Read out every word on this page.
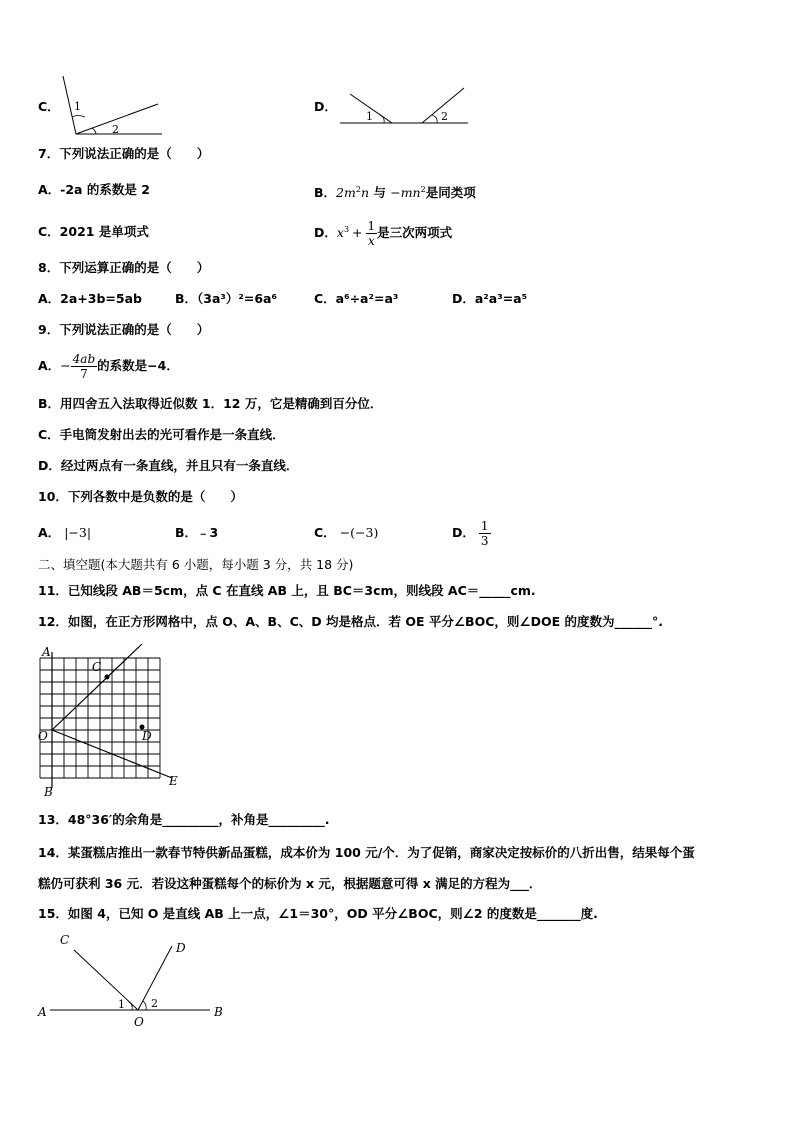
C． 1
2
D．
1	2
7．下列说法正确的是（　　）
A．-2a 的系数是 2	B．$2m^2n$ 与 $-mn^2$是同类项
C．2021 是单项式	D．$x^3 + \frac{1}{x}$ 是三次两项式
8．下列运算正确的是（　　）
A．2a+3b=5ab	B．（3a³）²=6a⁶	C．a⁶÷a²=a³	D．a²a³=a⁵
9．下列说法正确的是（　　）
A．− $\frac{4ab}{7}$ 的系数是−4．
B．用四舍五入法取得近似数 1．12 万，它是精确到百分位．
C．手电筒发射出去的光可看作是一条直线．
D．经过两点有一条直线，并且只有一条直线．
10．下列各数中是负数的是（　　）
A． |−3|	B．﹣3	C． −(−3)	D． $\frac{1}{3}$
二、填空题(本大题共有 6 小题，每小题 3 分，共 18 分)
11．已知线段 AB＝5cm，点 C 在直线 AB 上，且 BC＝3cm，则线段 AC＝_____cm.
12．如图，在正方形网格中，点 O、A、B、C、D 均是格点．若 OE 平分∠BOC，则∠DOE 的度数为______°.
A
C
O	D
B
E
13．48°36′的余角是_________，补角是_________.
14．某蛋糕店推出一款春节特供新品蛋糕，成本价为 100 元/个．为了促销，商家决定按标价的八折出售，结果每个蛋
糕仍可获利 36 元．若设这种蛋糕每个的标价为 x 元，根据题意可得 x 满足的方程为___．
15．如图 4，已知 O 是直线 AB 上一点，∠1＝30°，OD 平分∠BOC，则∠2 的度数是_______度.
A	B
C
D
O
1 2
